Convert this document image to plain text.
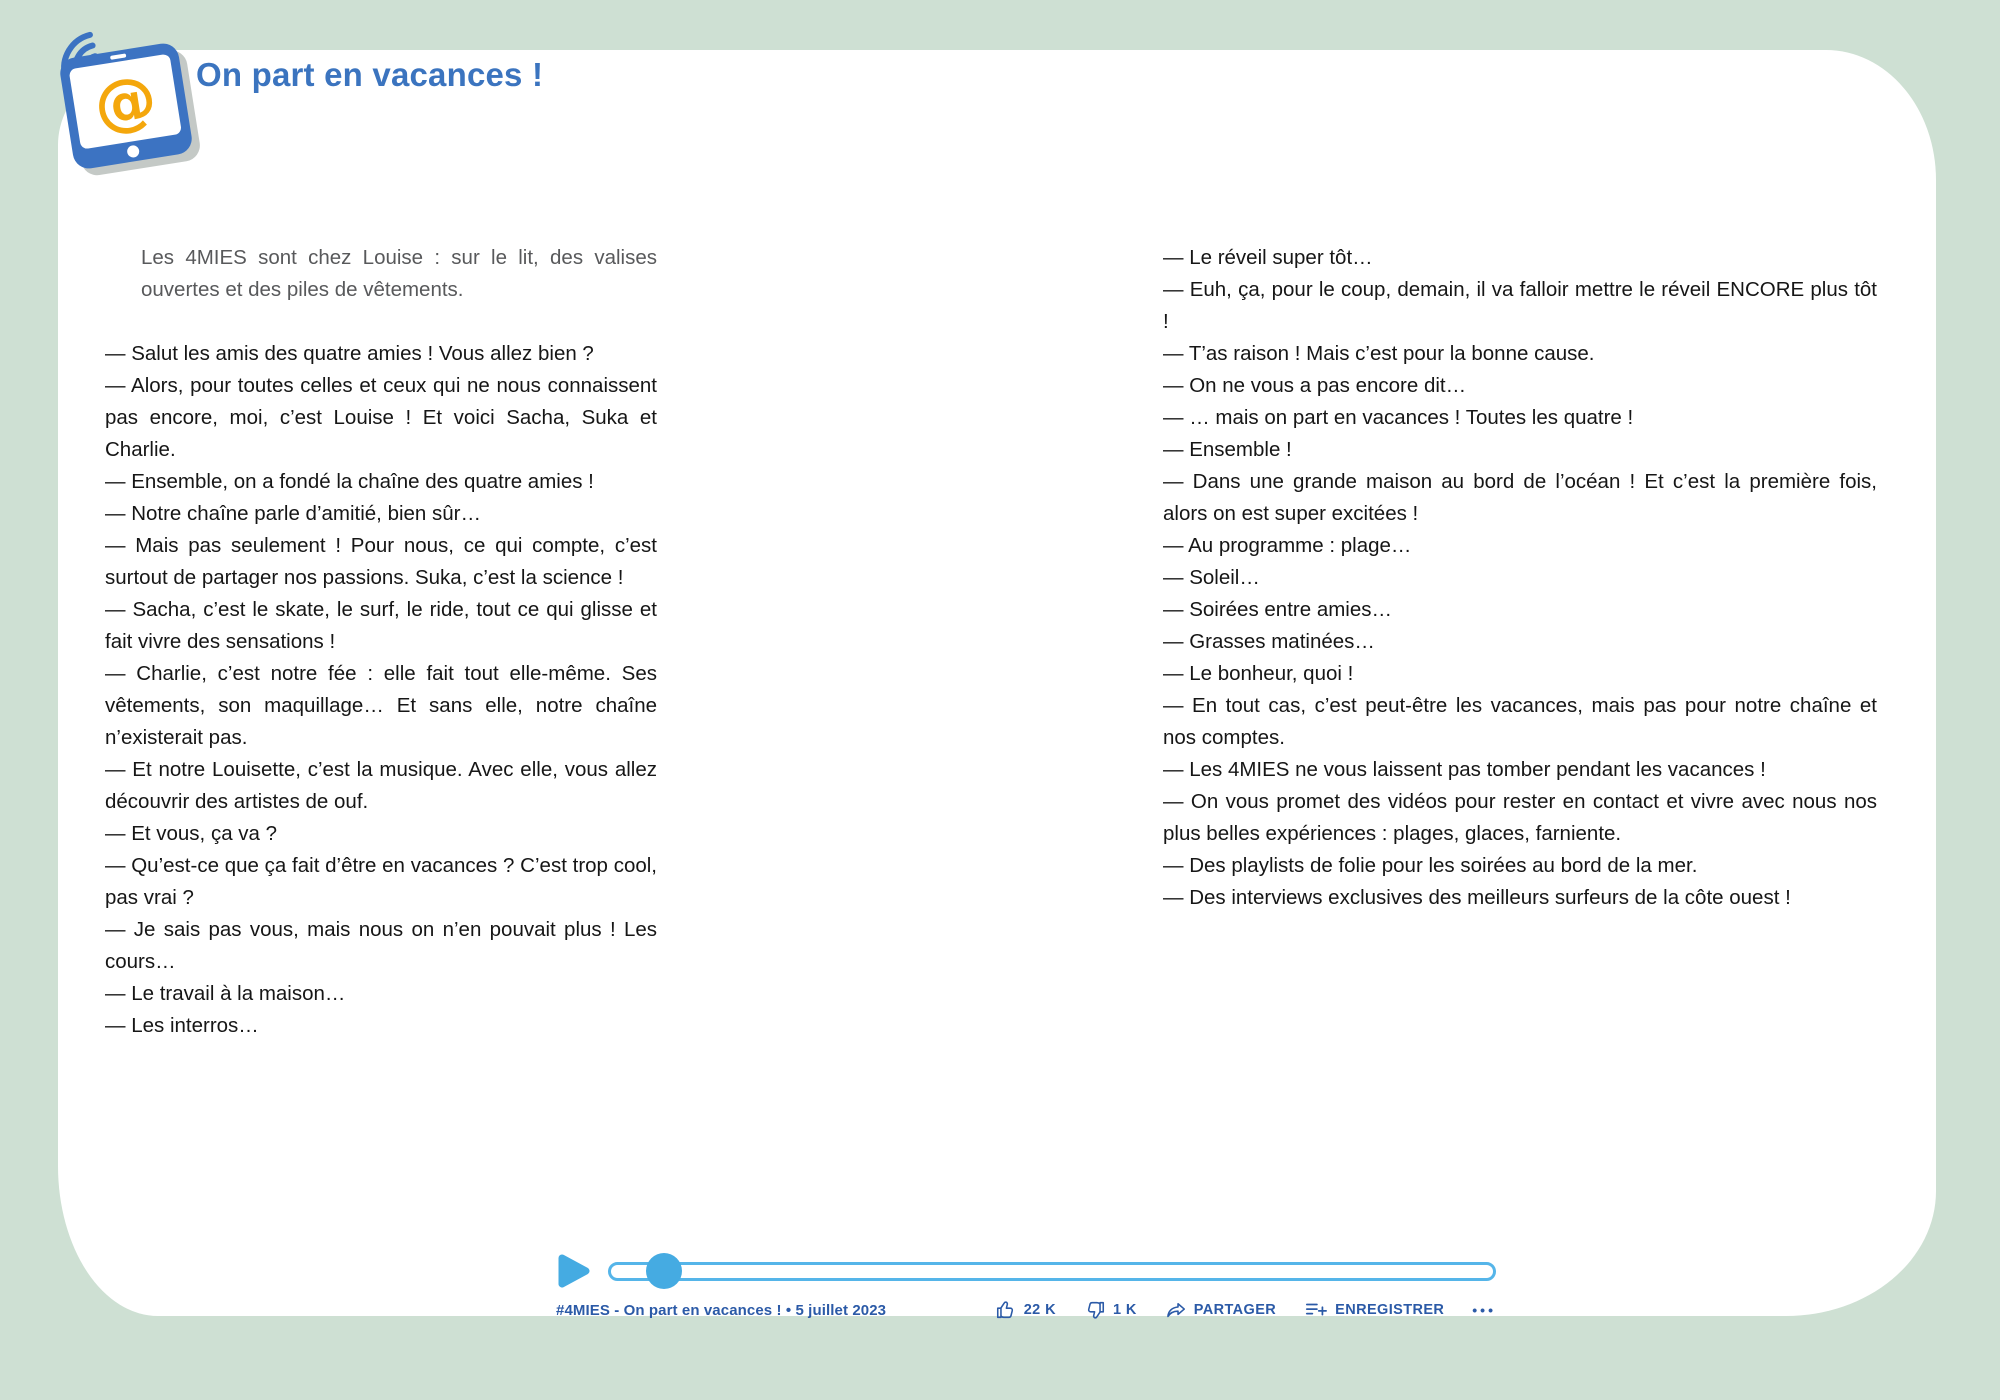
@ On part en vacances !

Les 4MIES sont chez Louise : sur le lit, des valises ouvertes et des piles de vêtements.

— Salut les amis des quatre amies ! Vous allez bien ?

— Alors, pour toutes celles et ceux qui ne nous connaissent pas encore, moi, c’est Louise ! Et voici Sacha, Suka et Charlie.

— Ensemble, on a fondé la chaîne des quatre amies !

— Notre chaîne parle d’amitié, bien sûr…

— Mais pas seulement ! Pour nous, ce qui compte, c’est surtout de partager nos passions. Suka, c’est la science !

— Sacha, c’est le skate, le surf, le ride, tout ce qui glisse et fait vivre des sensations !

— Charlie, c’est notre fée : elle fait tout elle-même. Ses vêtements, son maquillage… Et sans elle, notre chaîne n’existerait pas.

— Et notre Louisette, c’est la musique. Avec elle, vous allez découvrir des artistes de ouf.

— Et vous, ça va ?

— Qu’est-ce que ça fait d’être en vacances ? C’est trop cool, pas vrai ?

— Je sais pas vous, mais nous on n’en pouvait plus ! Les cours…

— Le travail à la maison…

— Les interros…

— Le réveil super tôt…

— Euh, ça, pour le coup, demain, il va falloir mettre le réveil ENCORE plus tôt !

— T’as raison ! Mais c’est pour la bonne cause.

— On ne vous a pas encore dit…

— … mais on part en vacances ! Toutes les quatre !

— Ensemble !

— Dans une grande maison au bord de l’océan ! Et c’est la première fois, alors on est super excitées !

— Au programme : plage…

— Soleil…

— Soirées entre amies…

— Grasses matinées…

— Le bonheur, quoi !

— En tout cas, c’est peut-être les vacances, mais pas pour notre chaîne et nos comptes.

— Les 4MIES ne vous laissent pas tomber pendant les vacances !

— On vous promet des vidéos pour rester en contact et vivre avec nous nos plus belles expériences : plages, glaces, farniente.

— Des playlists de folie pour les soirées au bord de la mer.

— Des interviews exclusives des meilleurs surfeurs de la côte ouest !

#4MIES - On part en vacances ! • 5 juillet 2023	22 K	1 K	PARTAGER	ENREGISTRER •••
